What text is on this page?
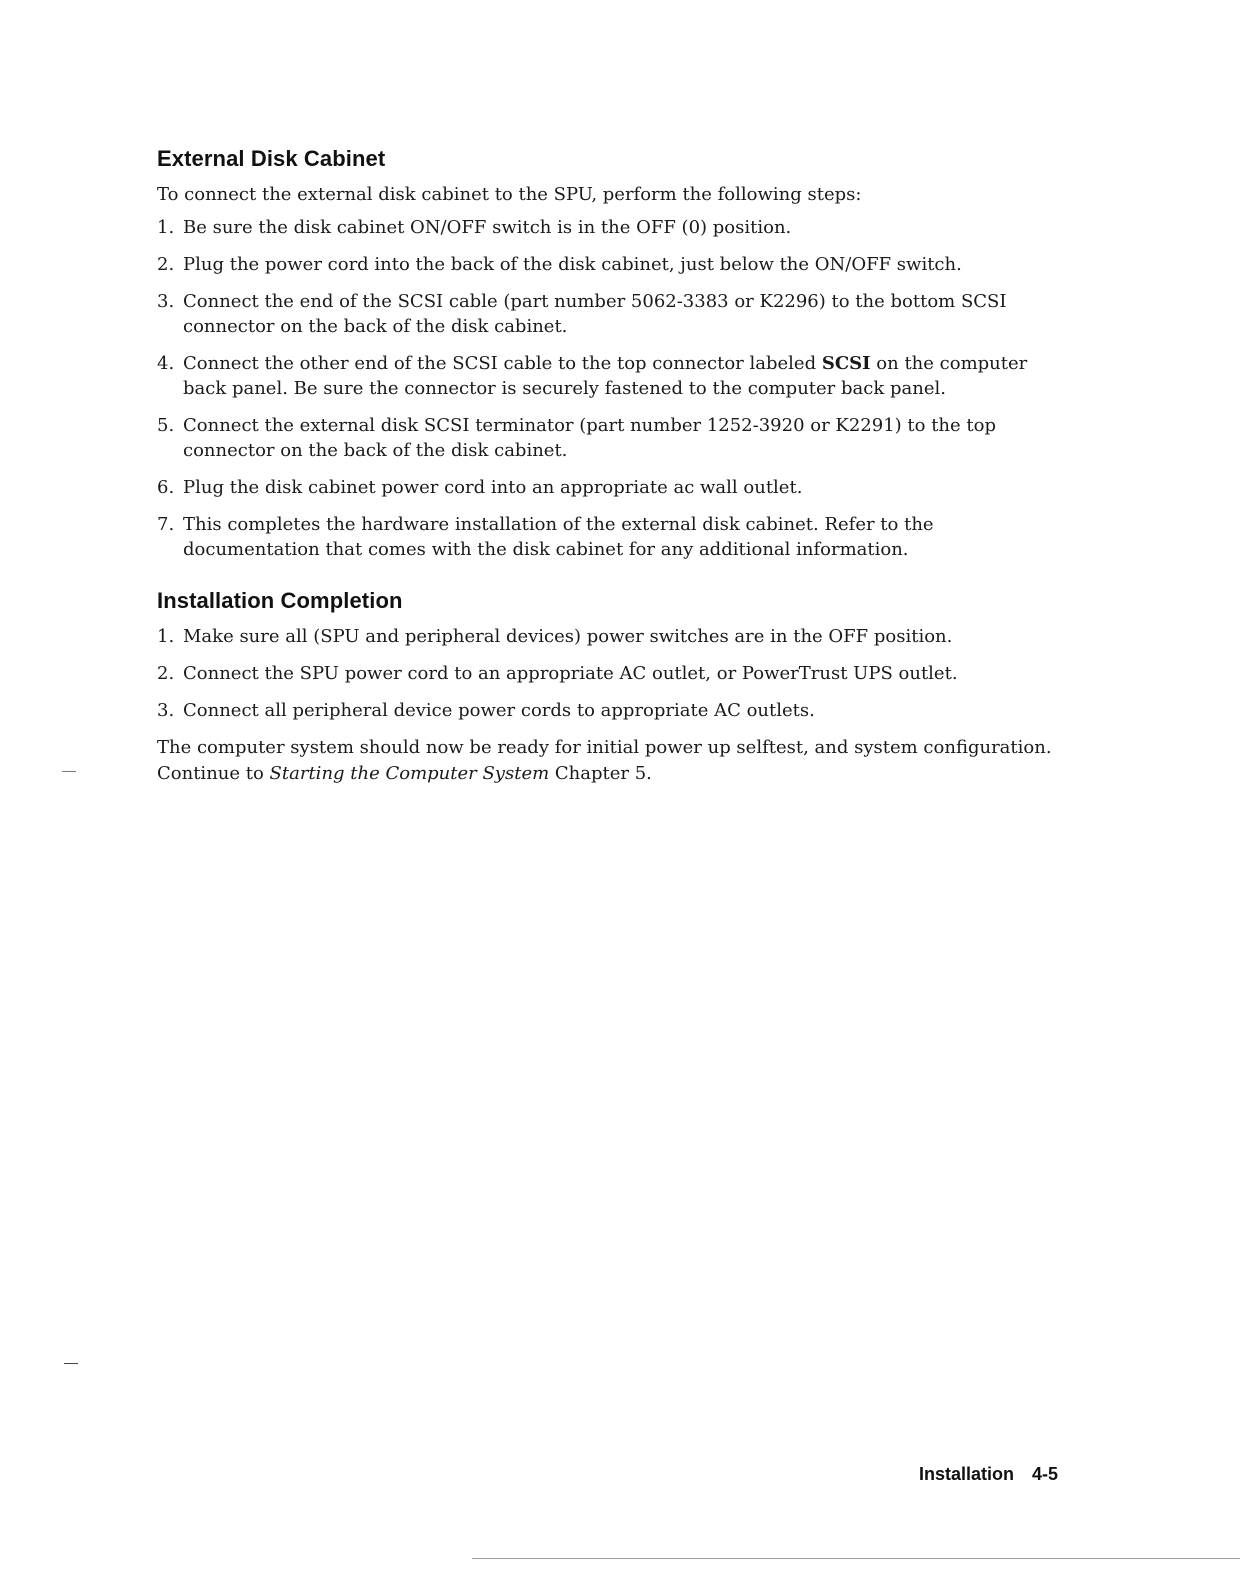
External Disk Cabinet

To connect the external disk cabinet to the SPU, perform the following steps:

1. Be sure the disk cabinet ON/OFF switch is in the OFF (0) position.
2. Plug the power cord into the back of the disk cabinet, just below the ON/OFF switch.
3. Connect the end of the SCSI cable (part number 5062-3383 or K2296) to the bottom SCSI connector on the back of the disk cabinet.
4. Connect the other end of the SCSI cable to the top connector labeled SCSI on the computer back panel. Be sure the connector is securely fastened to the computer back panel.
5. Connect the external disk SCSI terminator (part number 1252-3920 or K2291) to the top connector on the back of the disk cabinet.
6. Plug the disk cabinet power cord into an appropriate ac wall outlet.
7. This completes the hardware installation of the external disk cabinet. Refer to the documentation that comes with the disk cabinet for any additional information.
Installation Completion
1. Make sure all (SPU and peripheral devices) power switches are in the OFF position.
2. Connect the SPU power cord to an appropriate AC outlet, or PowerTrust UPS outlet.
3. Connect all peripheral device power cords to appropriate AC outlets.

The computer system should now be ready for initial power up selftest, and system configuration. Continue to Starting the Computer System Chapter 5.

Installation 4-5
